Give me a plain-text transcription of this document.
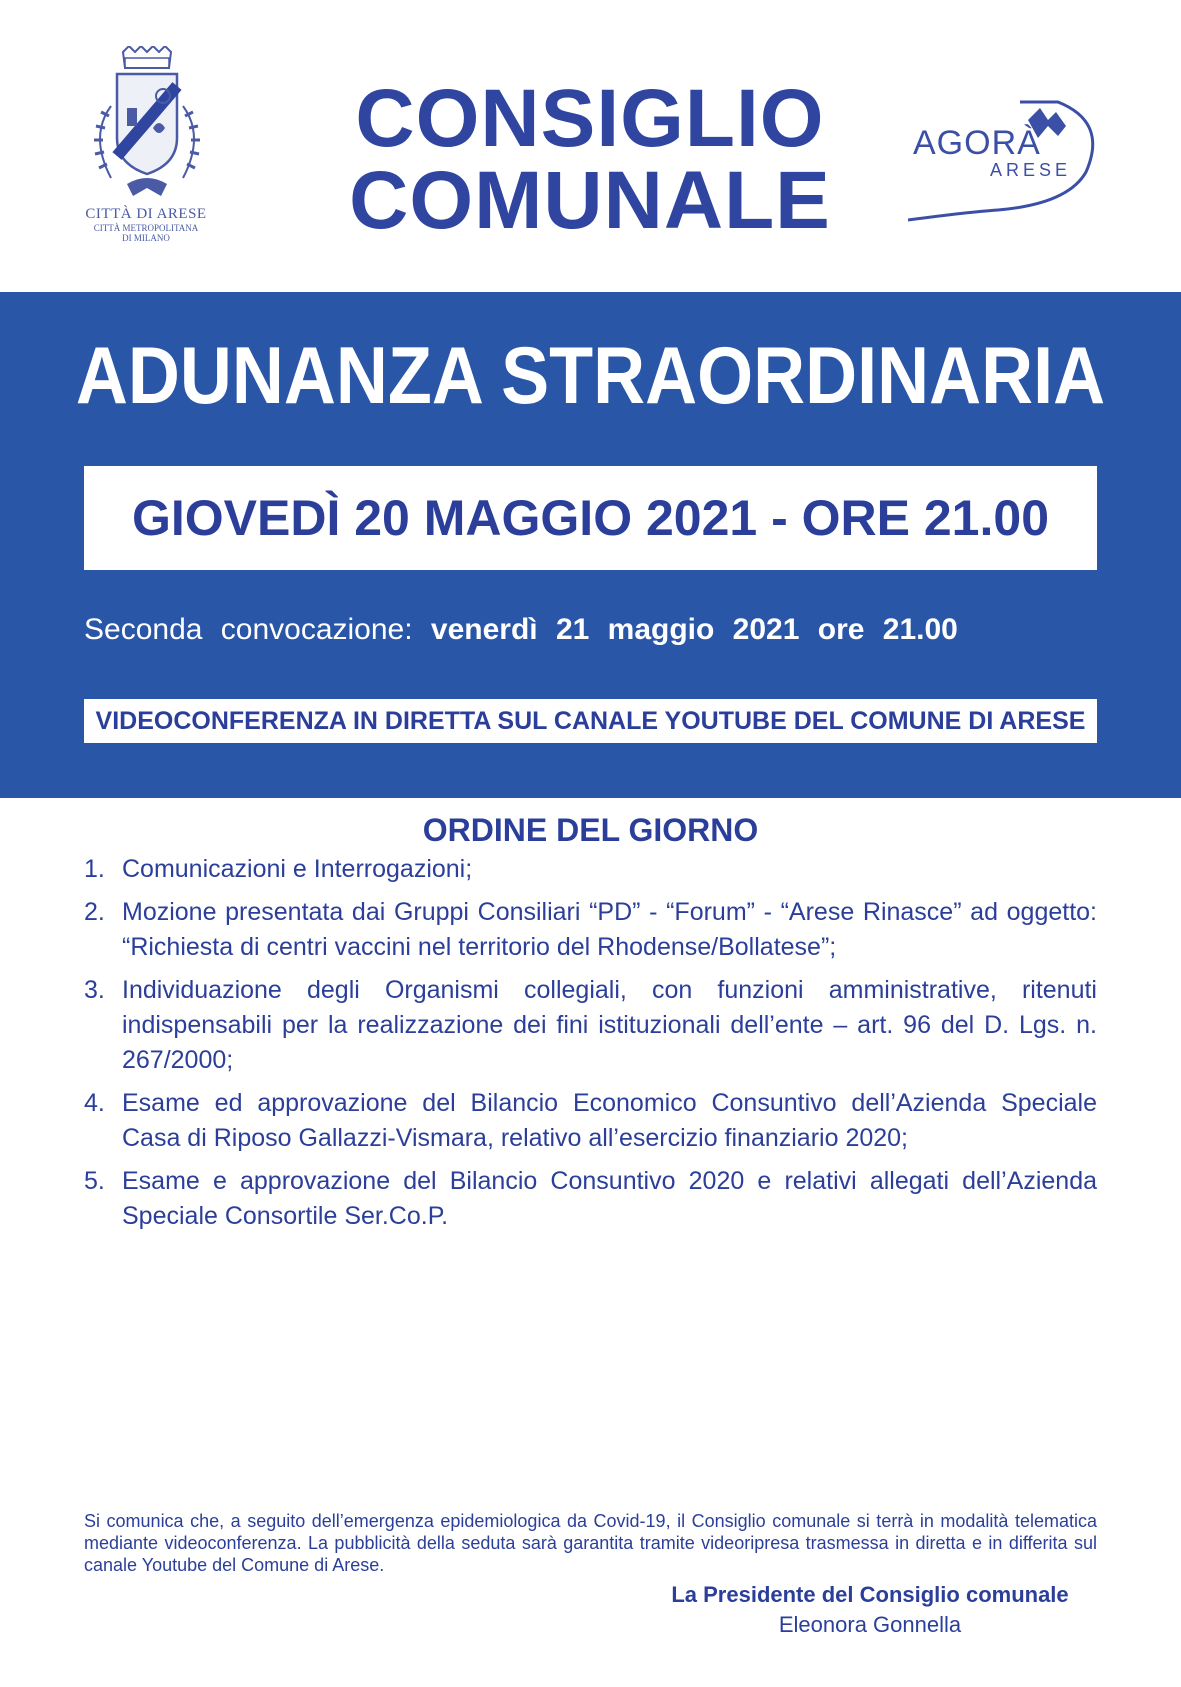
CITTÀ DI ARESE
CITTÀ METROPOLITANA
DI MILANO
CONSIGLIO
COMUNALE
AGORÀ
ARESE
ADUNANZA STRAORDINARIA
GIOVEDÌ 20 MAGGIO 2021 - ORE 21.00
Seconda convocazione: venerdì 21 maggio 2021 ore 21.00
VIDEOCONFERENZA IN DIRETTA SUL CANALE YOUTUBE DEL COMUNE DI ARESE
ORDINE DEL GIORNO
1. Comunicazioni e Interrogazioni;
2. Mozione presentata dai Gruppi Consiliari “PD” - “Forum” - “Arese Rinasce” ad oggetto: “Richiesta di centri vaccini nel territorio del Rhodense/Bollatese”;
3. Individuazione degli Organismi collegiali, con funzioni amministrative, ritenuti indispensabili per la realizzazione dei fini istituzionali dell’ente – art. 96 del D. Lgs. n. 267/2000;
4. Esame ed approvazione del Bilancio Economico Consuntivo dell’Azienda Speciale Casa di Riposo Gallazzi-Vismara, relativo all’esercizio finanziario 2020;
5. Esame e approvazione del Bilancio Consuntivo 2020 e relativi allegati dell’Azienda Speciale Consortile Ser.Co.P.
Si comunica che, a seguito dell’emergenza epidemiologica da Covid-19, il Consiglio comunale si terrà in modalità telematica mediante videoconferenza. La pubblicità della seduta sarà garantita tramite videoripresa trasmessa in diretta e in differita sul canale Youtube del Comune di Arese.
La Presidente del Consiglio comunale
Eleonora Gonnella
